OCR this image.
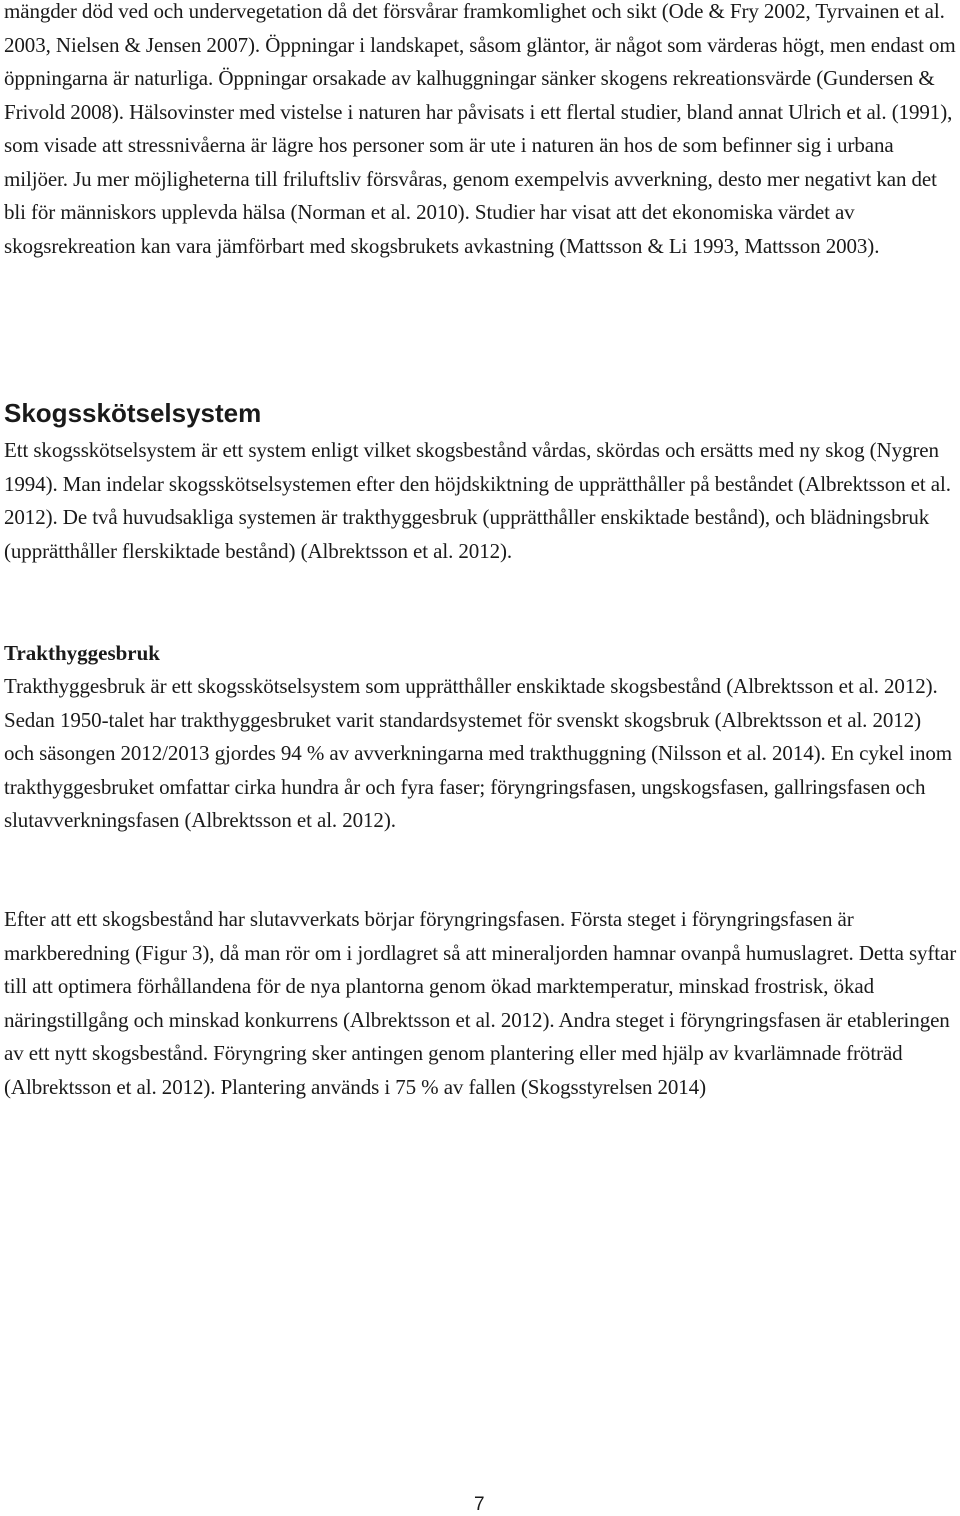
mängder död ved och undervegetation då det försvårar framkomlighet och sikt (Ode & Fry 2002, Tyrvainen et al. 2003, Nielsen & Jensen 2007). Öppningar i landskapet, såsom gläntor, är något som värderas högt, men endast om öppningarna är naturliga. Öppningar orsakade av kalhuggningar sänker skogens rekreationsvärde (Gundersen & Frivold 2008). Hälsovinster med vistelse i naturen har påvisats i ett flertal studier, bland annat Ulrich et al. (1991), som visade att stressnivåerna är lägre hos personer som är ute i naturen än hos de som befinner sig i urbana miljöer. Ju mer möjligheterna till friluftsliv försvåras, genom exempelvis avverkning, desto mer negativt kan det bli för människors upplevda hälsa (Norman et al. 2010). Studier har visat att det ekonomiska värdet av skogsrekreation kan vara jämförbart med skogsbrukets avkastning (Mattsson & Li 1993, Mattsson 2003).

Skogsskötselsystem

Ett skogsskötselsystem är ett system enligt vilket skogsbestånd vårdas, skördas och ersätts med ny skog (Nygren 1994). Man indelar skogsskötselsystemen efter den höjdskiktning de upprätthåller på beståndet (Albrektsson et al. 2012). De två huvudsakliga systemen är trakthyggesbruk (upprätthåller enskiktade bestånd), och blädningsbruk (upprätthåller flerskiktade bestånd) (Albrektsson et al. 2012).

Trakthyggesbruk

Trakthyggesbruk är ett skogsskötselsystem som upprätthåller enskiktade skogsbestånd (Albrektsson et al. 2012). Sedan 1950-talet har trakthyggesbruket varit standardsystemet för svenskt skogsbruk (Albrektsson et al. 2012) och säsongen 2012/2013 gjordes 94 % av avverkningarna med trakthuggning (Nilsson et al. 2014). En cykel inom trakthyggesbruket omfattar cirka hundra år och fyra faser; föryngringsfasen, ungskogsfasen, gallringsfasen och slutavverkningsfasen (Albrektsson et al. 2012).

Efter att ett skogsbestånd har slutavverkats börjar föryngringsfasen. Första steget i föryngringsfasen är markberedning (Figur 3), då man rör om i jordlagret så att mineraljorden hamnar ovanpå humuslagret. Detta syftar till att optimera förhållandena för de nya plantorna genom ökad marktemperatur, minskad frostrisk, ökad näringstillgång och minskad konkurrens (Albrektsson et al. 2012). Andra steget i föryngringsfasen är etableringen av ett nytt skogsbestånd. Föryngring sker antingen genom plantering eller med hjälp av kvarlämnade fröträd (Albrektsson et al. 2012). Plantering används i 75 % av fallen (Skogsstyrelsen 2014)

7
